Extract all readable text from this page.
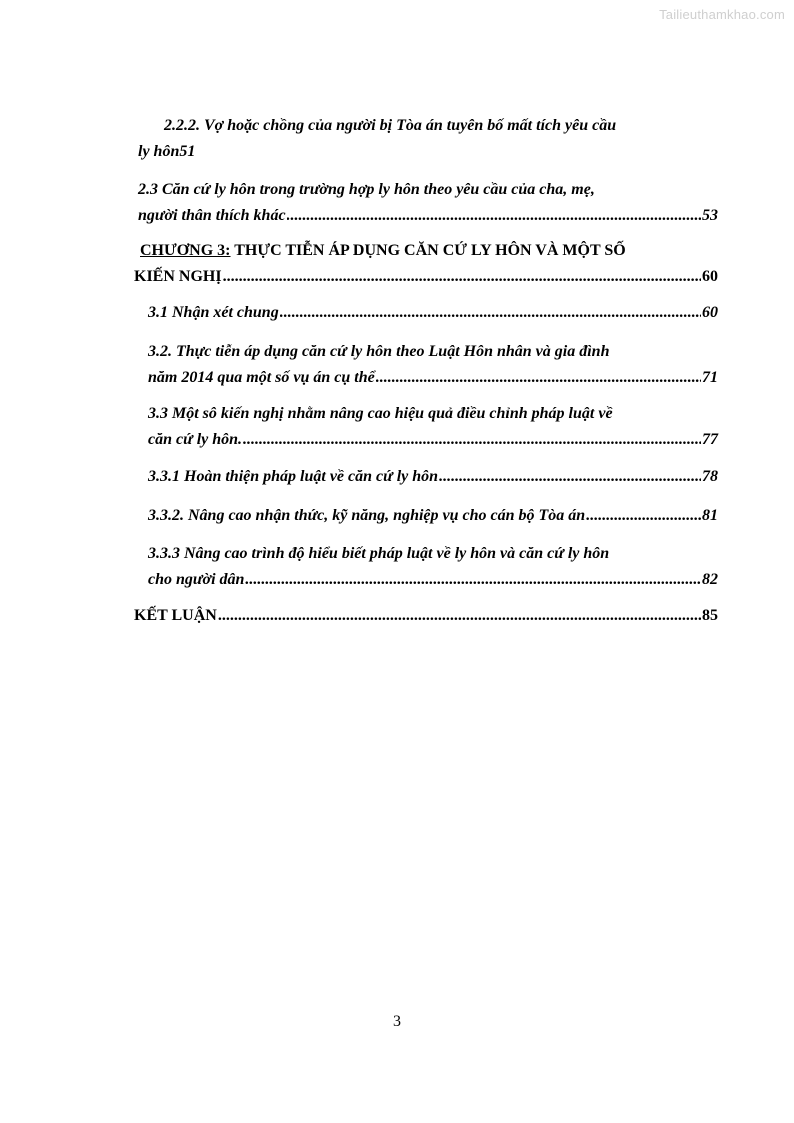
Tailieuthamkhao.com
2.2.2. Vợ hoặc chồng của người bị Tòa án tuyên bố mất tích yêu cầu
ly hôn51
2.3 Căn cứ ly hôn trong trường hợp ly hôn theo yêu cầu của cha, mẹ,
người thân thích khác .....	53
CHƯƠNG 3: THỰC TIỄN ÁP DỤNG CĂN CỨ LY HÔN VÀ MỘT SỐ
KIẾN NGHỊ .....	60
3.1 Nhận xét chung .....	60
3.2. Thực tiễn áp dụng căn cứ ly hôn theo Luật Hôn nhân và gia đình
năm 2014 qua một số vụ án cụ thể .....	71
3.3 Một sô kiến nghị nhằm nâng cao hiệu quả điều chỉnh pháp luật về
căn cứ ly hôn. .....	77
3.3.1 Hoàn thiện pháp luật về căn cứ ly hôn .....	78
3.3.2. Nâng cao nhận thức, kỹ năng, nghiệp vụ cho cán bộ Tòa án .....	81
3.3.3 Nâng cao trình độ hiểu biết pháp luật về ly hôn và căn cứ ly hôn
cho người dân .....	82
KẾT LUẬN .....	85
3
